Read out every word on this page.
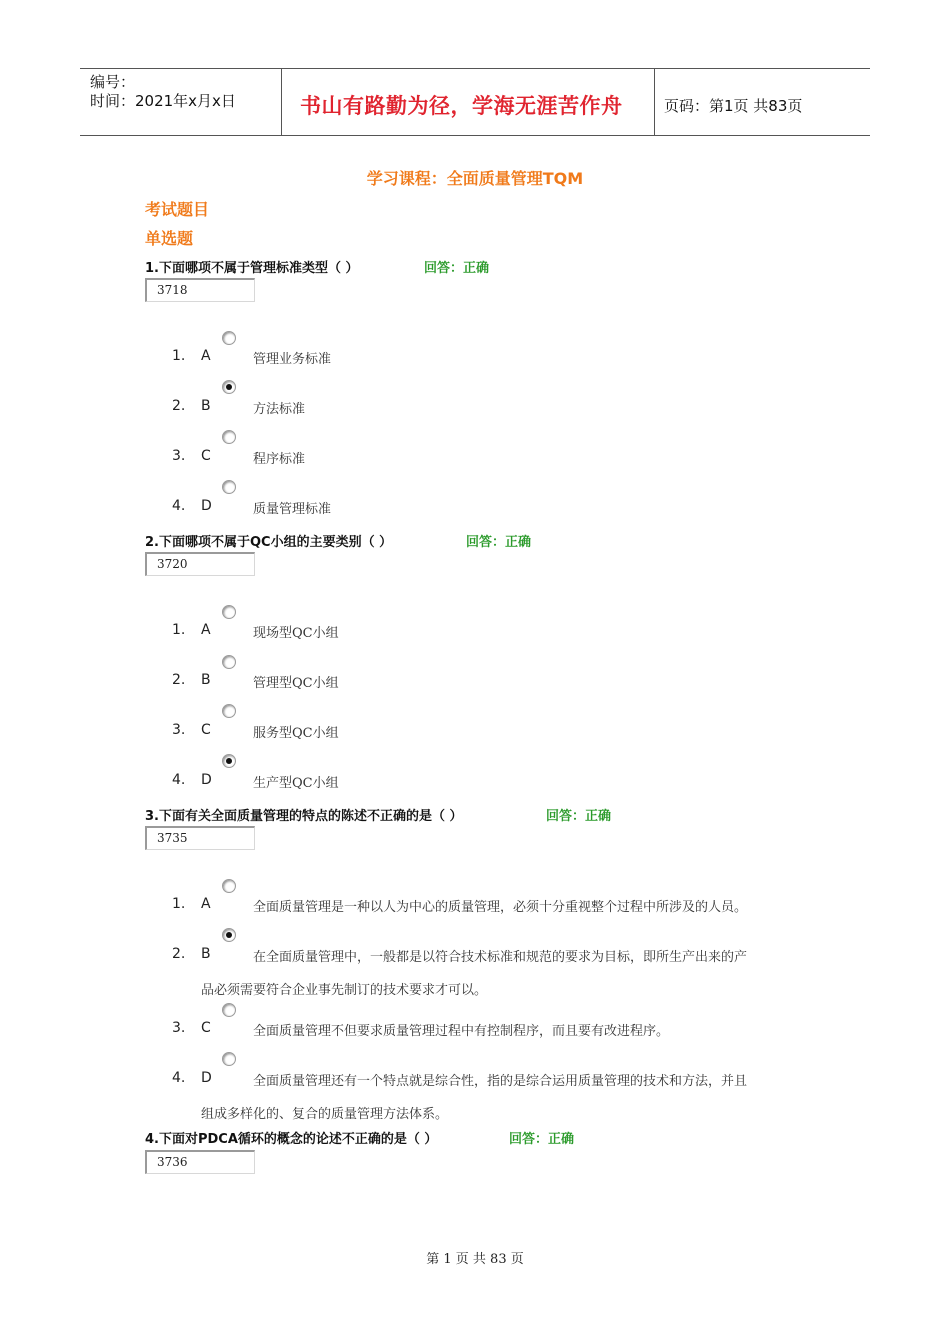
编号：
时间：2021年x月x日	书山有路勤为径，学海无涯苦作舟	页码：第1页 共83页
学习课程：全面质量管理TQM
考试题目
单选题
1.下面哪项不属于管理标准类型（ ）	回答：正确
3718
1. A	管理业务标准
2. B	方法标准
3. C	程序标准
4. D	质量管理标准
2.下面哪项不属于QC小组的主要类别（ ）	回答：正确
3720
1. A	现场型QC小组
2. B	管理型QC小组
3. C	服务型QC小组
4. D	生产型QC小组
3.下面有关全面质量管理的特点的陈述不正确的是（ ）	回答：正确
3735
1. A	全面质量管理是一种以人为中心的质量管理，必须十分重视整个过程中所涉及的人员。
2. B	在全面质量管理中，一般都是以符合技术标准和规范的要求为目标，即所生产出来的产
品必须需要符合企业事先制订的技术要求才可以。
3. C	全面质量管理不但要求质量管理过程中有控制程序，而且要有改进程序。
4. D	全面质量管理还有一个特点就是综合性，指的是综合运用质量管理的技术和方法，并且
组成多样化的、复合的质量管理方法体系。
4.下面对PDCA循环的概念的论述不正确的是（ ）	回答：正确
3736
第 1 页 共 83 页
